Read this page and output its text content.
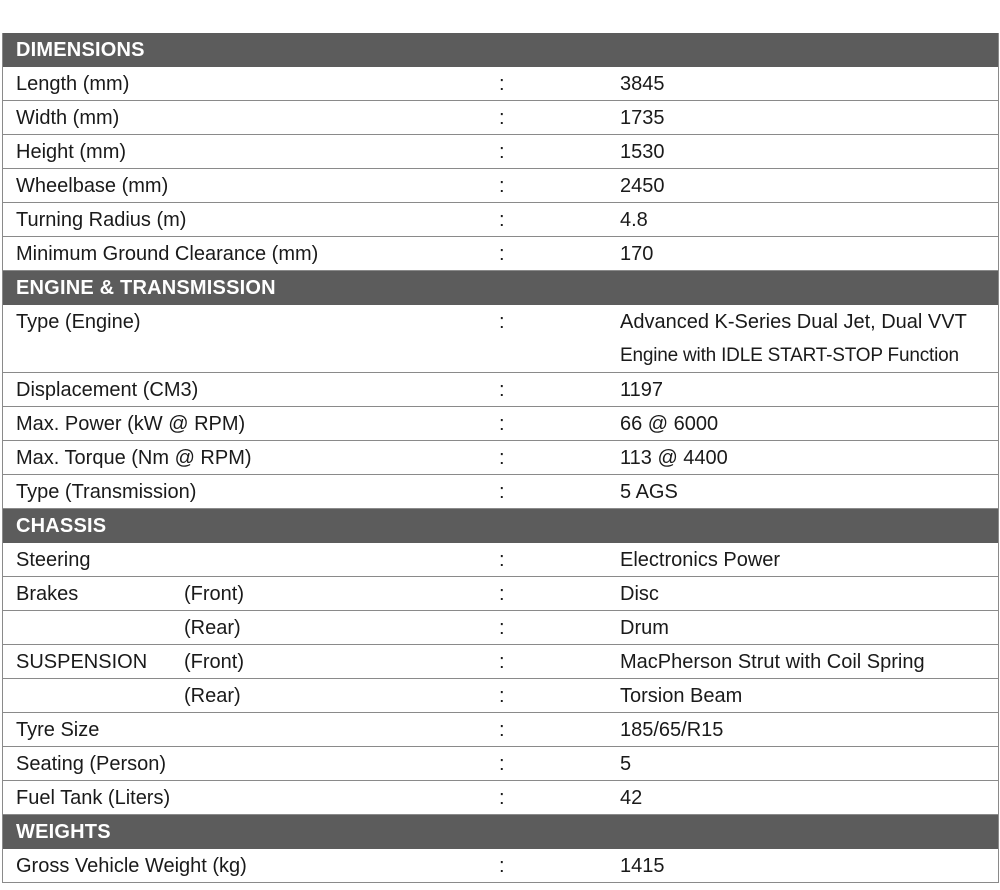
DIMENSIONS
Length (mm)	:	3845
Width (mm)	:	1735
Height (mm)	:	1530
Wheelbase (mm)	:	2450
Turning Radius (m)	:	4.8
Minimum Ground Clearance (mm)	:	170
ENGINE & TRANSMISSION
Type (Engine)	:	Advanced K-Series Dual Jet, Dual VVT
Engine with IDLE START-STOP Function
Displacement (CM3)	:	1197
Max. Power (kW @ RPM)	:	66 @ 6000
Max. Torque (Nm @ RPM)	:	113 @ 4400
Type (Transmission)	:	5 AGS
CHASSIS
Steering	:	Electronics Power
Brakes	(Front)	:	Disc
(Rear)	:	Drum
SUSPENSION (Front)	:	MacPherson Strut with Coil Spring
(Rear)	:	Torsion Beam
Tyre Size	:	185/65/R15
Seating (Person)	:	5
Fuel Tank (Liters)	:	42
WEIGHTS
Gross Vehicle Weight (kg)	:	1415
